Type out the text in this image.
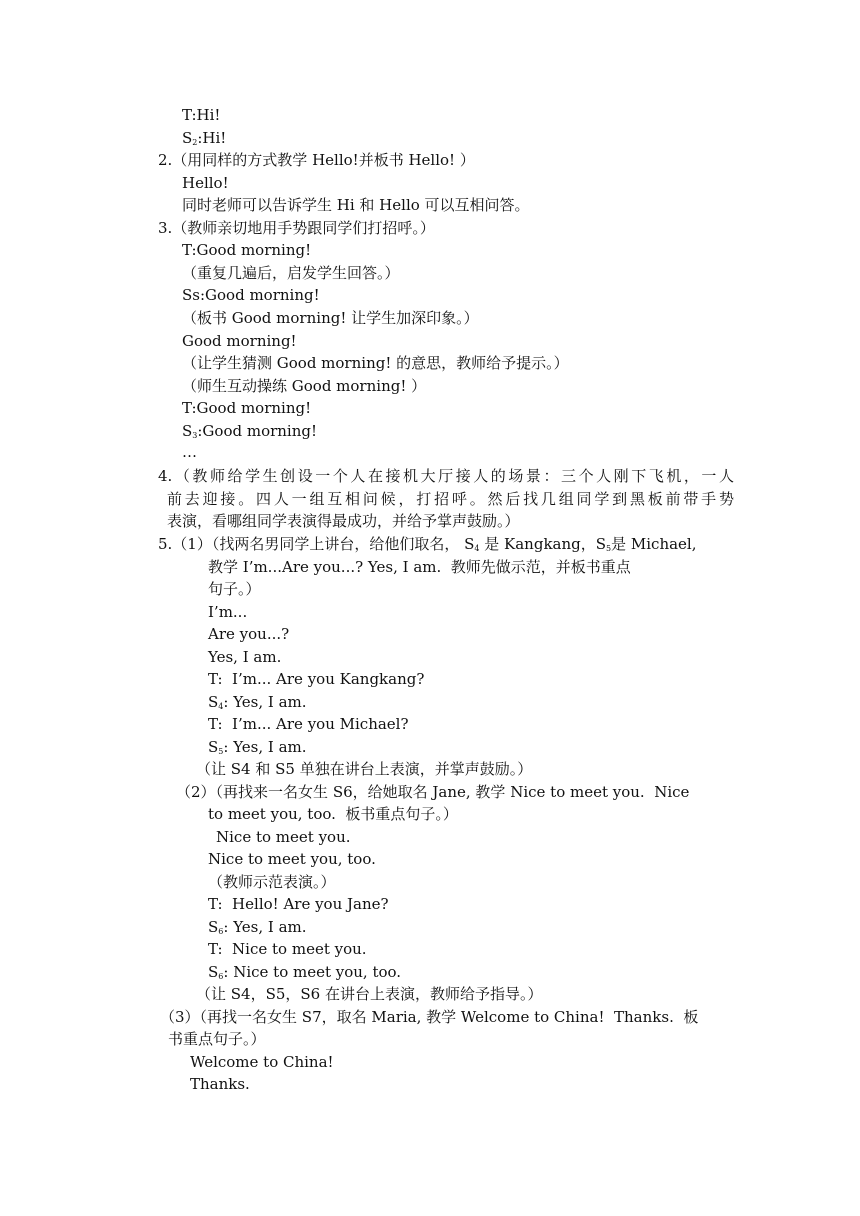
T:Hi!
$S_2:Hi$!
2.（用同样的方式教学 Hello!并板书 Hello! ）
Hello!
同时老师可以告诉学生 Hi 和 Hello 可以互相问答。
3.（教师亲切地用手势跟同学们打招呼。）
T:Good morning!
（重复几遍后，启发学生回答。）
Ss:Good morning!
（板书 Good morning! 让学生加深印象。）
Good morning!
（让学生猜测 Good morning! 的意思，教师给予提示。）
（师生互动操练 Good morning! ）
T:Good morning!
$S_3:Good$ morning!
…
4.（教师给学生创设一个人在接机大厅接人的场景：三个人刚下飞机，一人
前去迎接。四人一组互相问候，打招呼。然后找几组同学到黑板前带手势
表演，看哪组同学表演得最成功，并给予掌声鼓励。）
5.（1）（找两名男同学上讲台，给他们取名， $S_4$ 是 Kangkang，$S_5$是 Michael,
教学 I’m...Are you...? Yes, I am.  教师先做示范，并板书重点
句子。）
I’m...
Are you...?
Yes, I am.
T:  I’m... Are you Kangkang?
$S_4$: Yes, I am.
T:  I’m... Are you Michael?
$S_5$: Yes, I am.
（让 S4 和 S5 单独在讲台上表演，并掌声鼓励。）
（2）（再找来一名女生 S6，给她取名 Jane, 教学 Nice to meet you.  Nice
to meet you, too.  板书重点句子。）
Nice to meet you.
Nice to meet you, too.
（教师示范表演。）
T:  Hello! Are you Jane?
$S_6$: Yes, I am.
T:  Nice to meet you.
$S_6$: Nice to meet you, too.
（让 S4，S5，S6 在讲台上表演，教师给予指导。）
（3）（再找一名女生 S7，取名 Maria, 教学 Welcome to China!  Thanks.  板
书重点句子。）
Welcome to China!
Thanks.
